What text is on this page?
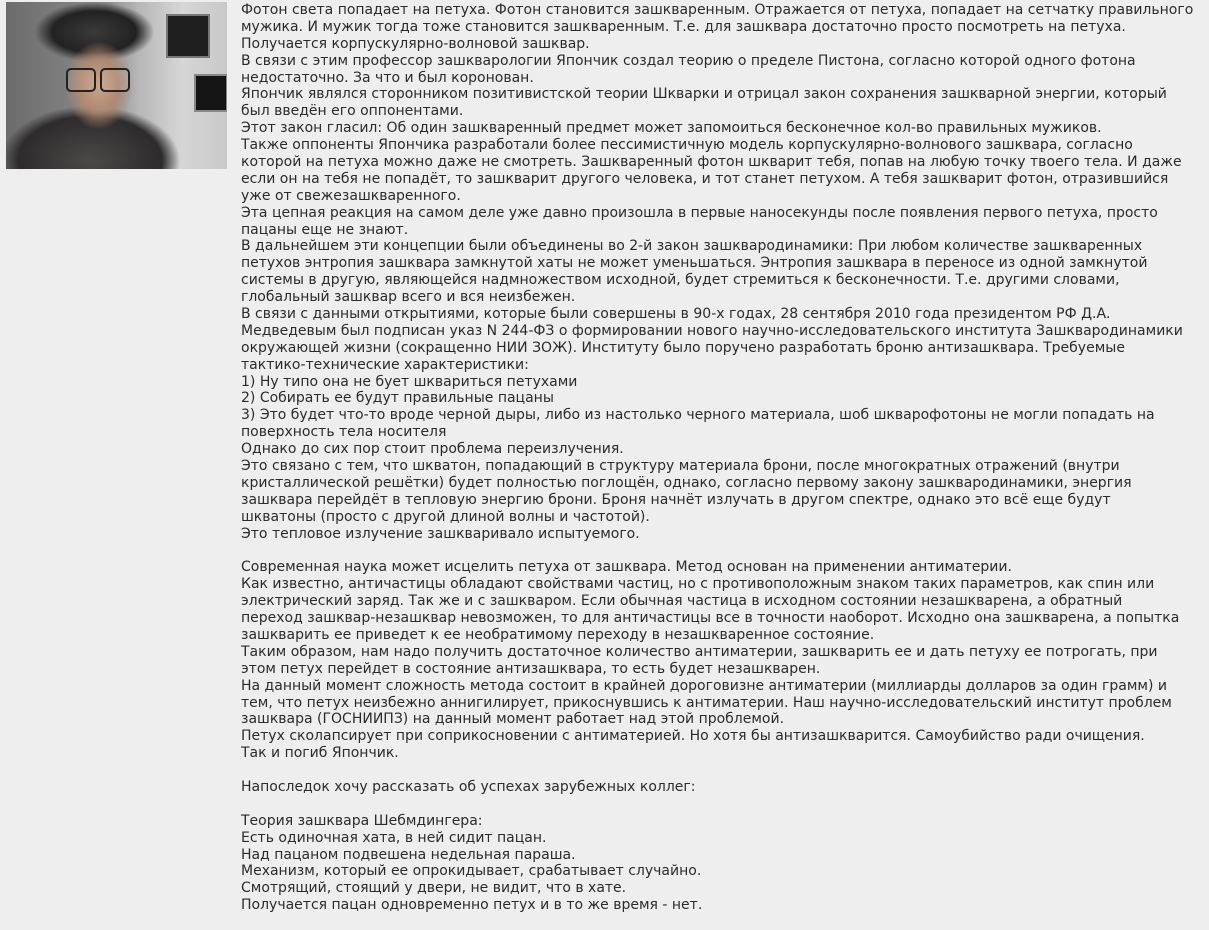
Фотон света попадает на петуха. Фотон становится зашкваренным. Отражается от петуха, попадает на сетчатку правильного
мужика. И мужик тогда тоже становится зашкваренным. Т.е. для зашквара достаточно просто посмотреть на петуха.
Получается корпускулярно-волновой зашквар.
В связи с этим профессор зашкварологии Япончик создал теорию о пределе Пистона, согласно которой одного фотона
недостаточно. За что и был коронован.
Япончик являлся сторонником позитивистской теории Шкварки и отрицал закон сохранения зашкварной энергии, который
был введён его оппонентами.
Этот закон гласил: Об один зашкваренный предмет может запомоиться бесконечное кол-во правильных мужиков.
Также оппоненты Япончика разработали более пессимистичную модель корпускулярно-волнового зашквара, согласно
которой на петуха можно даже не смотреть. Зашкваренный фотон шкварит тебя, попав на любую точку твоего тела. И даже
если он на тебя не попадёт, то зашкварит другого человека, и тот станет петухом. А тебя зашкварит фотон, отразившийся
уже от свежезашкваренного.
Эта цепная реакция на самом деле уже давно произошла в первые наносекунды после появления первого петуха, просто
пацаны еще не знают.
В дальнейшем эти концепции были объединены во 2-й закон зашквародинамики: При любом количестве зашкваренных
петухов энтропия зашквара замкнутой хаты не может уменьшаться. Энтропия зашквара в переносе из одной замкнутой
системы в другую, являющейся надмножеством исходной, будет стремиться к бесконечности. Т.е. другими словами,
глобальный зашквар всего и вся неизбежен.
В связи с данными открытиями, которые были совершены в 90-х годах, 28 сентября 2010 года президентом РФ Д.А.
Медведевым был подписан указ N 244-ФЗ о формировании нового научно-исследовательского института Зашквародинамики
окружающей жизни (сокращенно НИИ ЗОЖ). Институту было поручено разработать броню антизашквара. Требуемые
тактико-технические характеристики:
1) Ну типо она не бует шквариться петухами
2) Собирать ее будут правильные пацаны
3) Это будет что-то вроде черной дыры, либо из настолько черного материала, шоб шкварофотоны не могли попадать на
поверхность тела носителя
Однако до сих пор стоит проблема переизлучения.
Это связано с тем, что шкватон, попадающий в структуру материала брони, после многократных отражений (внутри
кристаллической решётки) будет полностью поглощён, однако, согласно первому закону зашквародинамики, энергия
зашквара перейдёт в тепловую энергию брони. Броня начнёт излучать в другом спектре, однако это всё еще будут
шкватоны (просто с другой длиной волны и частотой).
Это тепловое излучение зашкваривало испытуемого.
Современная наука может исцелить петуха от зашквара. Метод основан на применении антиматерии.
Как известно, античастицы обладают свойствами частиц, но с противоположным знаком таких параметров, как спин или
электрический заряд. Так же и с зашкваром. Если обычная частица в исходном состоянии незашкварена, а обратный
переход зашквар-незашквар невозможен, то для античастицы все в точности наоборот. Исходно она зашкварена, а попытка
зашкварить ее приведет к ее необратимому переходу в незашкваренное состояние.
Таким образом, нам надо получить достаточное количество антиматерии, зашкварить ее и дать петуху ее потрогать, при
этом петух перейдет в состояние антизашквара, то есть будет незашкварен.
На данный момент сложность метода состоит в крайней дороговизне антиматерии (миллиарды долларов за один грамм) и
тем, что петух неизбежно аннигилирует, прикоснувшись к антиматерии. Наш научно-исследовательский институт проблем
зашквара (ГОСНИИПЗ) на данный момент работает над этой проблемой.
Петух сколапсирует при соприкосновении с антиматерией. Но хотя бы антизашкварится. Самоубийство ради очищения.
Так и погиб Япончик.
Напоследок хочу рассказать об успехах зарубежных коллег:
Теория зашквара Шебмдингера:
Есть одиночная хата, в ней сидит пацан.
Над пацаном подвешена недельная параша.
Механизм, который ее опрокидывает, срабатывает случайно.
Смотрящий, стоящий у двери, не видит, что в хате.
Получается пацан одновременно петух и в то же время - нет.
